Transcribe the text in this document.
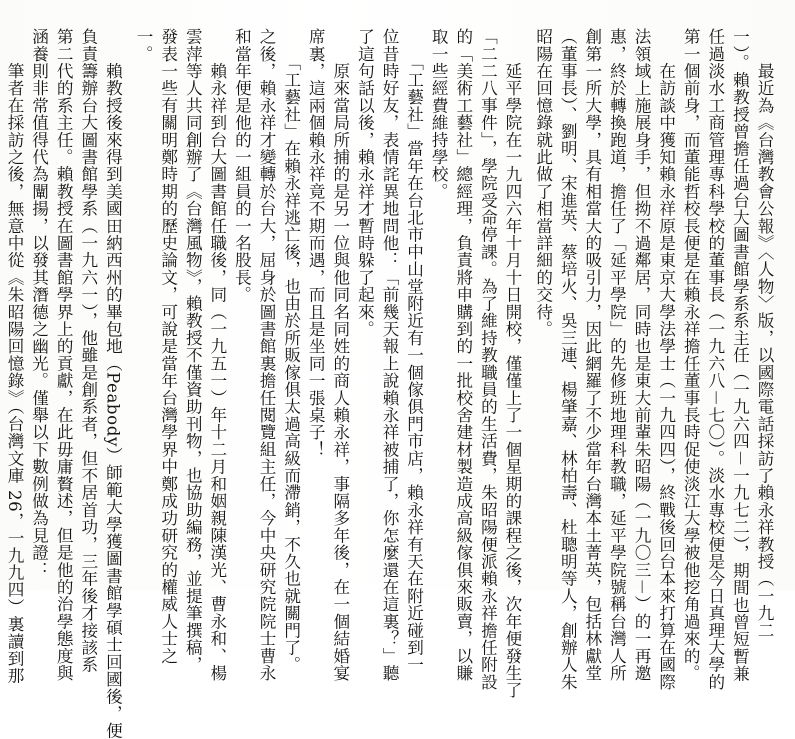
　　最近為《台灣教會公報》〈人物〉版，以國際電話採訪了賴永祥教授（一九二
一）。賴教授曾擔任過台大圖書館學系系主任（一九六四－一九七二），期間也曾短暫兼
任過淡水工商管理專科學校的董事長（一九六八－七〇）。淡水專校便是今日真理大學的
第一個前身，而董能哲校長便是在賴永祥擔任董事長時促使淡江大學被他挖角過來的。
　　在訪談中獲知賴永祥原是東京大學法學士（一九四四），終戰後回台本來打算在國際
法領域上施展身手，但拗不過鄰居，同時也是東大前輩朱昭陽（一九〇三－）的一再邀
惠，終於轉換跑道，擔任了「延平學院」的先修班地理科教職，延平學院號稱台灣人所
創第一所大學，具有相當大的吸引力，因此網羅了不少當年台灣本土菁英，包括林獻堂
（董事長）、劉明、宋進英、蔡培火、吳三連、楊肇嘉、林柏壽、杜聰明等人，創辦人朱
昭陽在回憶錄就此做了相當詳細的交待。
　　延平學院在一九四六年十月十日開校，僅僅上了一個星期的課程之後，次年便發生了
「二二八事件」，學院受命停課。為了維持教職員的生活費，朱昭陽便派賴永祥擔任附設
的「美術工藝社」總經理，負責將申購到的一批校舍建材製造成高級傢俱來販賣，以賺
取一些經費維持學校。
　　「工藝社」當年在台北市中山堂附近有一個傢俱門市店，賴永祥有天在附近碰到一
位昔時好友，表情詫異地問他：「前幾天報上說賴永祥被捕了，你怎麼還在這裏？」聽
了這句話以後，賴永祥才暫時躲了起來。
　　原來當局所捕的是另一位與他同名同姓的商人賴永祥，事隔多年後，在一個結婚宴
席裏，這兩個賴永祥竟不期而遇，而且是坐同一張桌子！
　　「工藝社」在賴永祥逃亡後，也由於所販傢俱太過高級而滯銷，不久也就關門了。
之後，賴永祥才變轉於台大，屈身於圖書館裏擔任閱覽組主任，今中央研究院院士曹永
和當年便是他的一組員的一名股長。
　　賴永祥到台大圖書館任職後，同（一九五一）年十二月和姻親陳漢光、曹永和、楊
雲萍等人共同創辦了《台灣風物》，賴教授不僅資助刊物，也協助編務，並提筆撰稿，
發表一些有關明鄭時期的歷史論文，可說是當年台灣學界中鄭成功研究的權威人士之
一。
　　賴教授後來得到美國田納西州的畢包地（Peabody）師範大學獲圖書館學碩士回國後，便
負責籌辦台大圖書館學系（一九六一），他雖是創系者，但不居首功，三年後才接該系
第二代的系主任。賴教授在圖書館學界上的貢獻，在此毋庸贅述，但是他的治學態度與
涵養則非常值得代為闡揚，以發其潛德之幽光。僅舉以下數例做為見證：
　　筆者在採訪之後，無意中從《朱昭陽回憶錄》（台灣文庫 26，一九九四）裏讀到那
